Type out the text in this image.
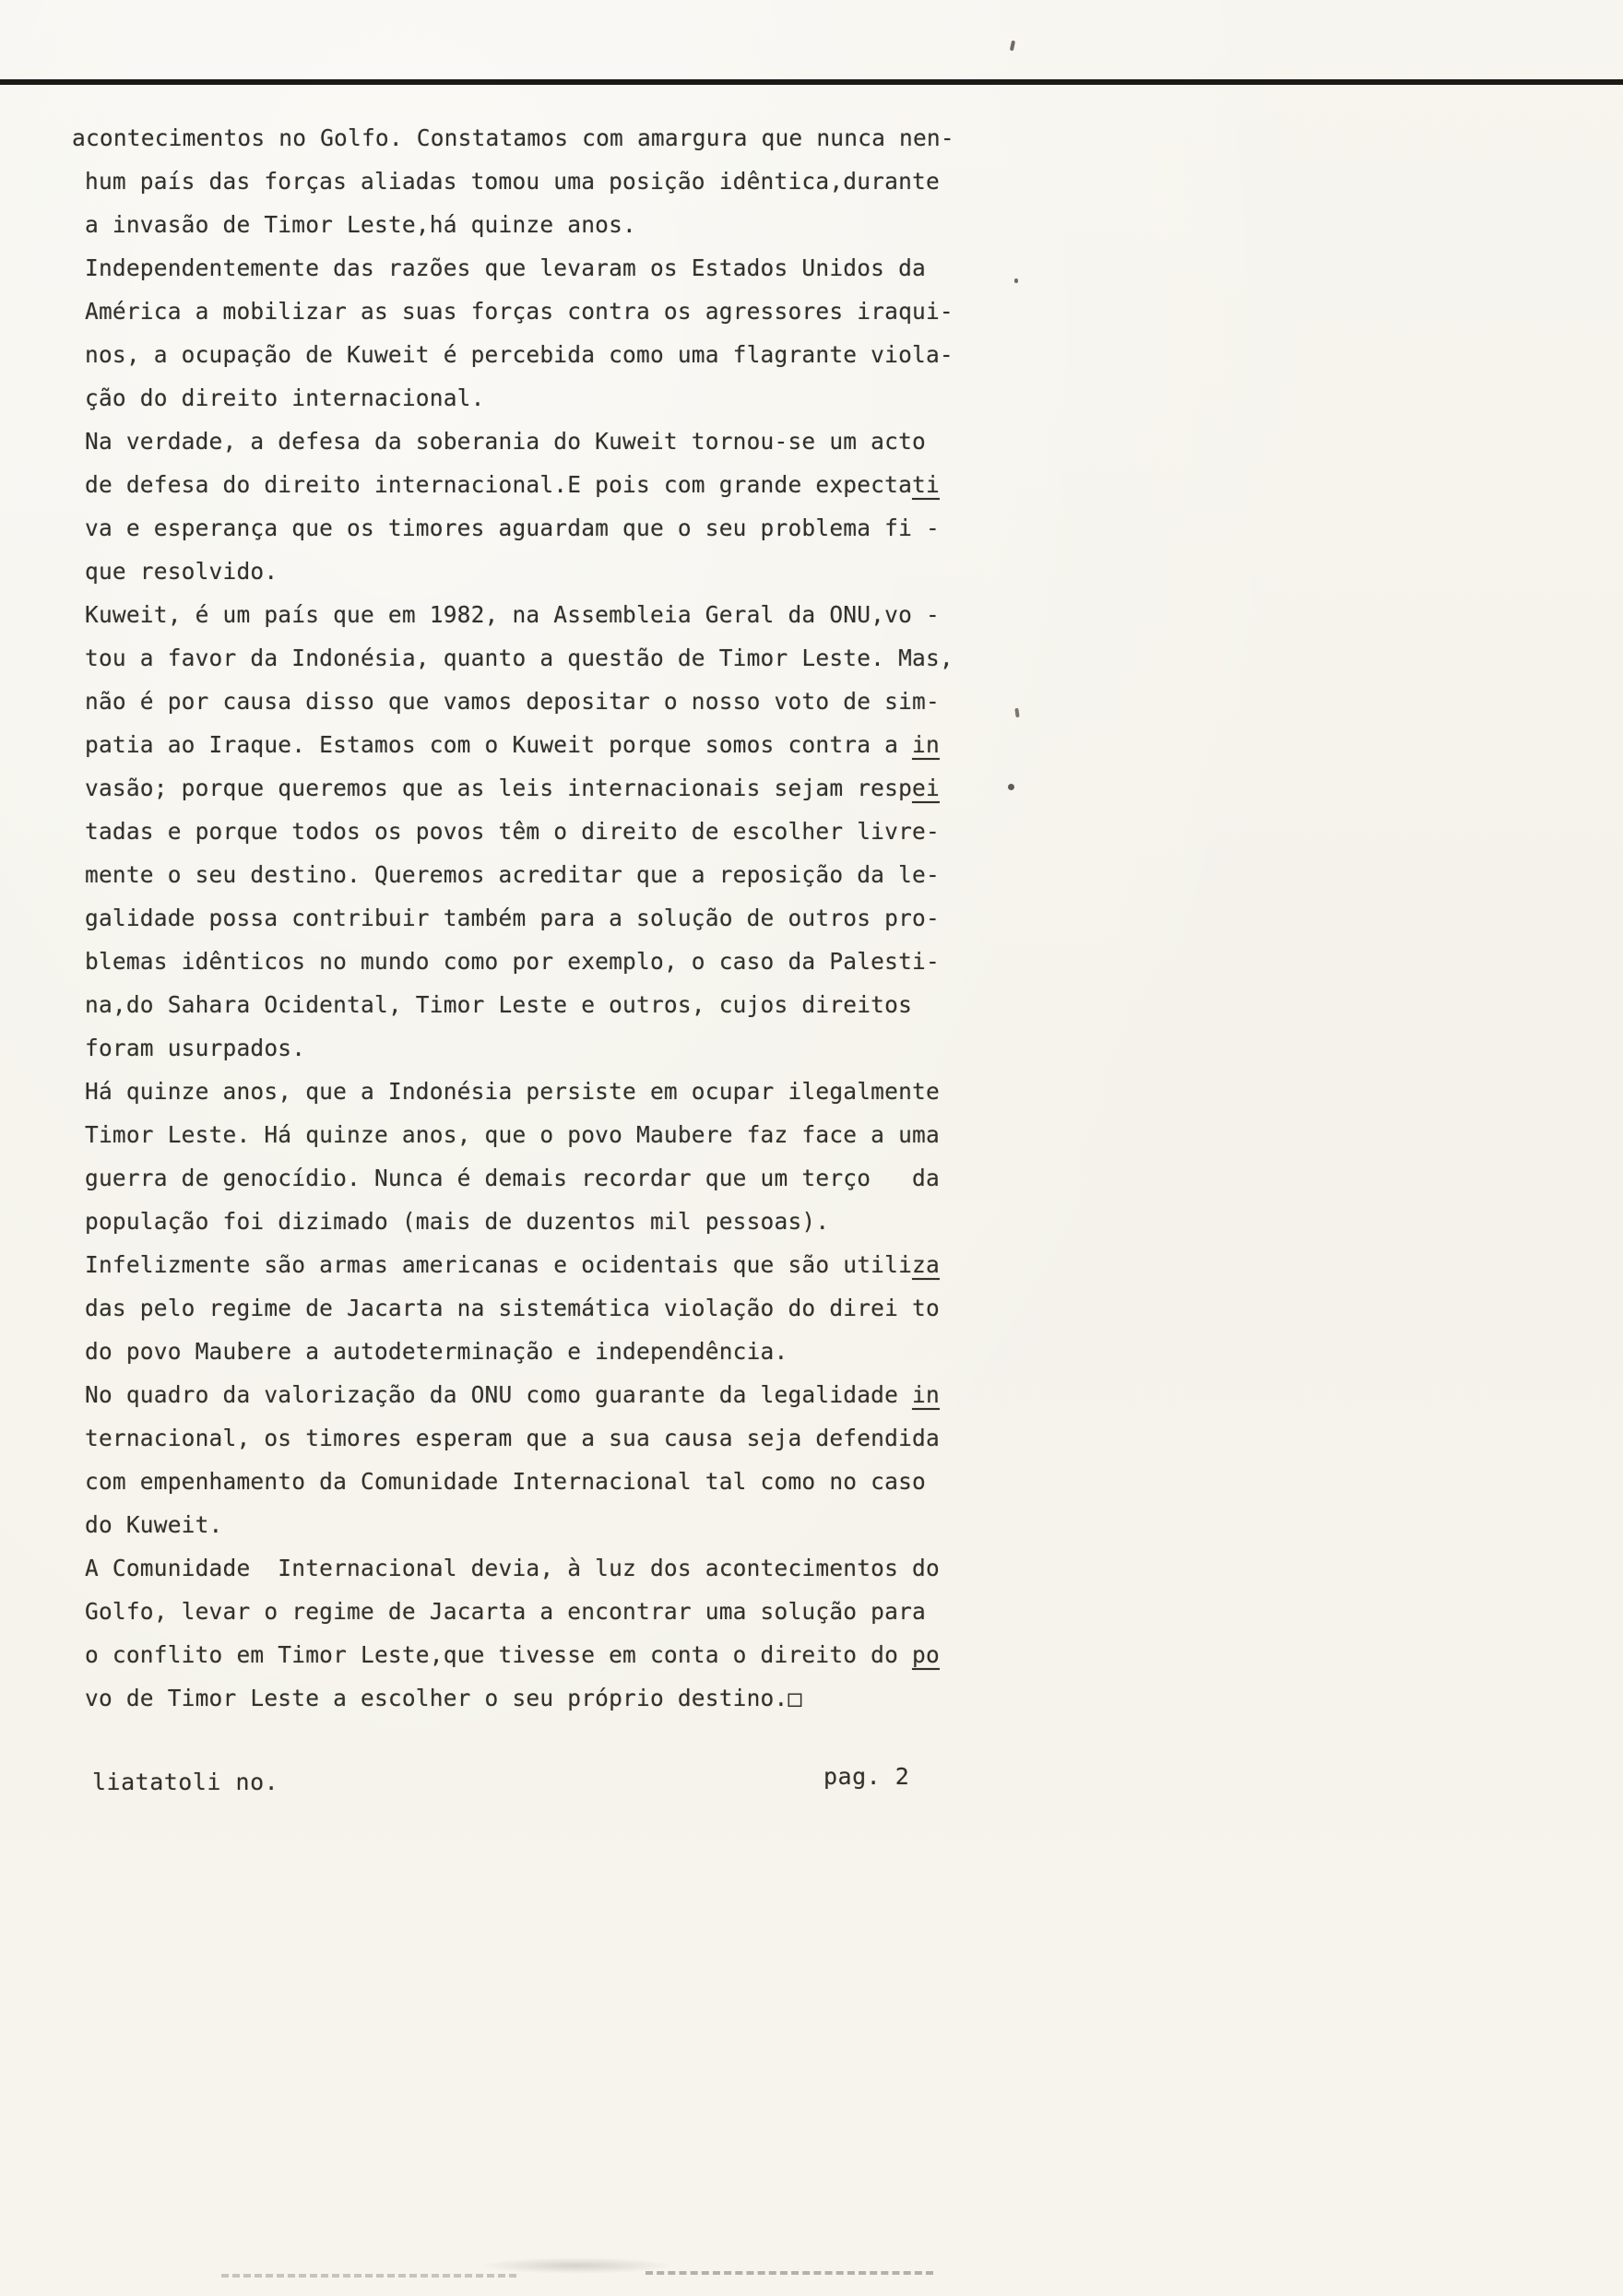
acontecimentos no Golfo. Constatamos com amargura que nunca nen-
hum país das forças aliadas tomou uma posição idêntica,durante
a invasão de Timor Leste,há quinze anos.
Independentemente das razões que levaram os Estados Unidos da
América a mobilizar as suas forças contra os agressores iraqui-
nos, a ocupação de Kuweit é percebida como uma flagrante viola-
ção do direito internacional.
Na verdade, a defesa da soberania do Kuweit tornou-se um acto
de defesa do direito internacional.E pois com grande expectati
va e esperança que os timores aguardam que o seu problema fi -
que resolvido.
Kuweit, é um país que em 1982, na Assembleia Geral da ONU,vo -
tou a favor da Indonésia, quanto a questão de Timor Leste. Mas,
não é por causa disso que vamos depositar o nosso voto de sim-
patia ao Iraque. Estamos com o Kuweit porque somos contra a in
vasão; porque queremos que as leis internacionais sejam respei
tadas e porque todos os povos têm o direito de escolher livre-
mente o seu destino. Queremos acreditar que a reposição da le-
galidade possa contribuir também para a solução de outros pro-
blemas idênticos no mundo como por exemplo, o caso da Palesti-
na,do Sahara Ocidental, Timor Leste e outros, cujos direitos
foram usurpados.
Há quinze anos, que a Indonésia persiste em ocupar ilegalmente
Timor Leste. Há quinze anos, que o povo Maubere faz face a uma
guerra de genocídio. Nunca é demais recordar que um terço   da
população foi dizimado (mais de duzentos mil pessoas).
Infelizmente são armas americanas e ocidentais que são utiliza
das pelo regime de Jacarta na sistemática violação do direi to
do povo Maubere a autodeterminação e independência.
No quadro da valorização da ONU como guarante da legalidade in
ternacional, os timores esperam que a sua causa seja defendida
com empenhamento da Comunidade Internacional tal como no caso
do Kuweit.
A Comunidade  Internacional devia, à luz dos acontecimentos do
Golfo, levar o regime de Jacarta a encontrar uma solução para
o conflito em Timor Leste,que tivesse em conta o direito do po
vo de Timor Leste a escolher o seu próprio destino.□
liatatoli no.	pag. 2
